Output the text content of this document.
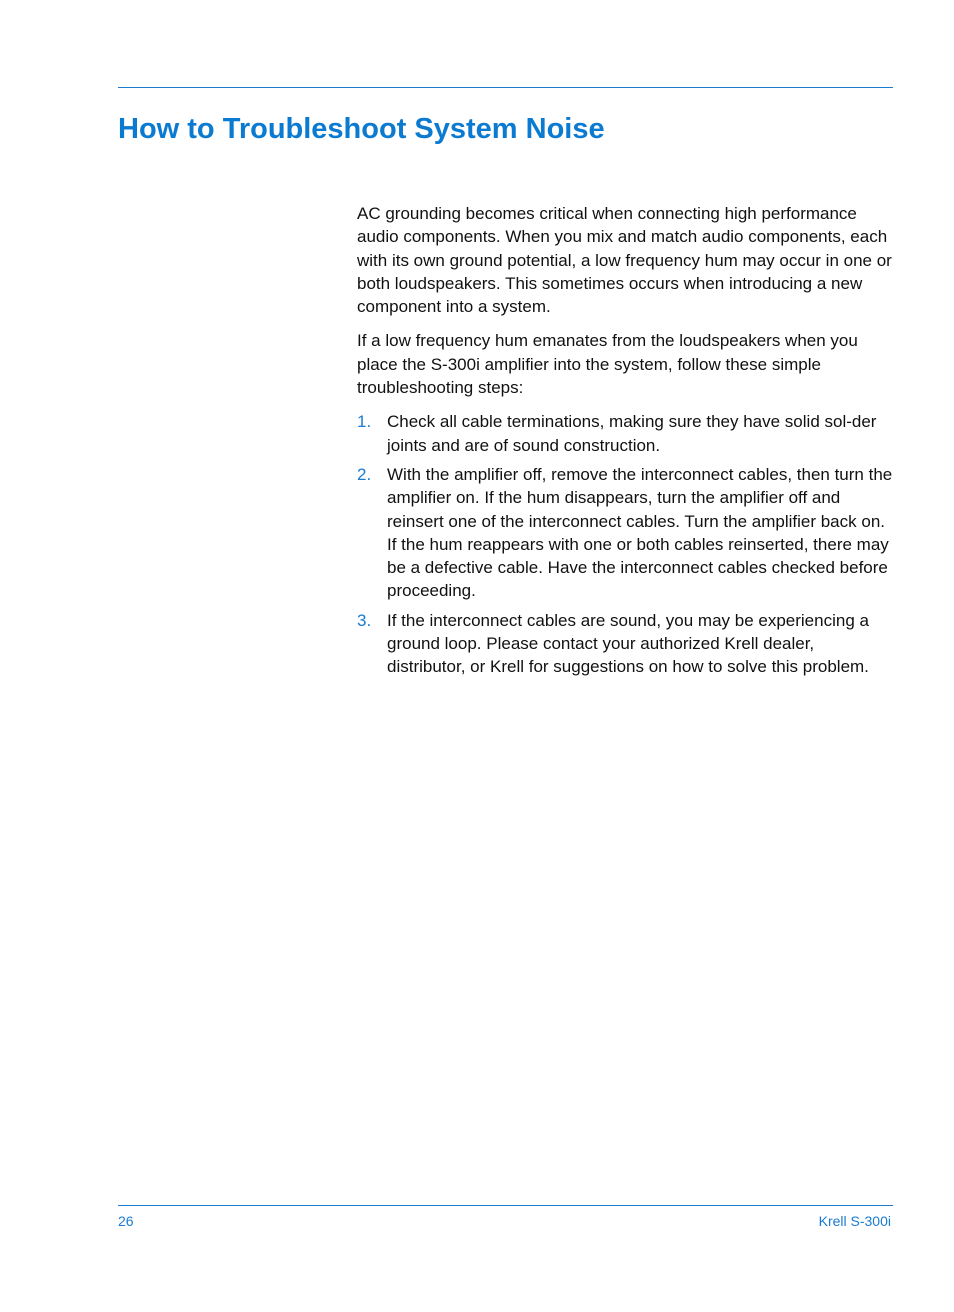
How to Troubleshoot System Noise

AC grounding becomes critical when connecting high performance audio components. When you mix and match audio components, each with its own ground potential, a low frequency hum may occur in one or both loudspeakers. This sometimes occurs when introducing a new component into a system.

If a low frequency hum emanates from the loudspeakers when you place the S-300i amplifier into the system, follow these simple troubleshooting steps:

1. Check all cable terminations, making sure they have solid sol-der joints and are of sound construction.
2. With the amplifier off, remove the interconnect cables, then turn the amplifier on. If the hum disappears, turn the amplifier off and reinsert one of the interconnect cables. Turn the amplifier back on. If the hum reappears with one or both cables reinserted, there may be a defective cable. Have the interconnect cables checked before proceeding.
3. If the interconnect cables are sound, you may be experiencing a ground loop. Please contact your authorized Krell dealer, distributor, or Krell for suggestions on how to solve this problem.
26	Krell S-300i
